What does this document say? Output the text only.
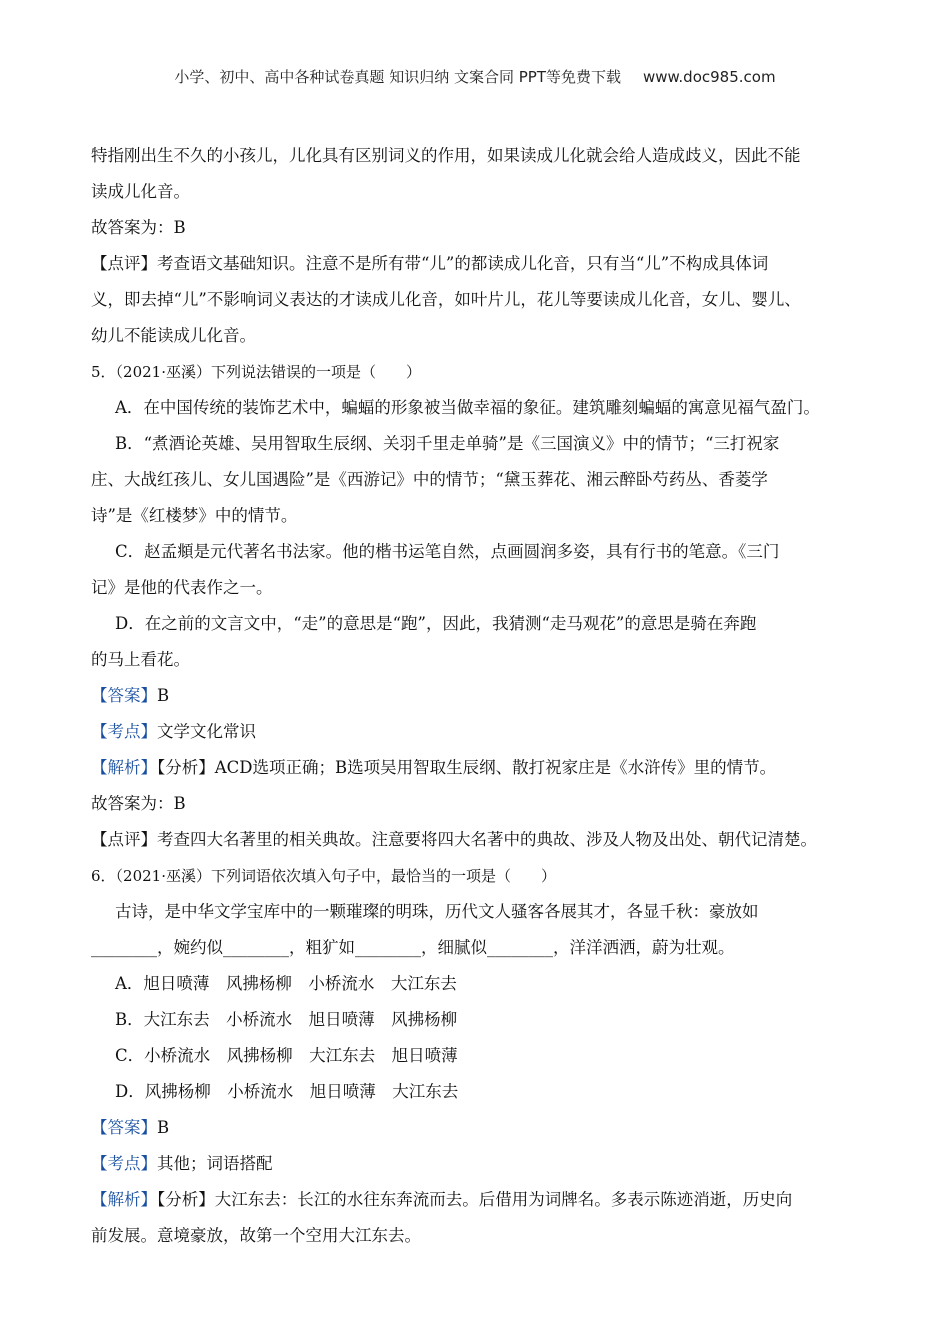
小学、初中、高中各种试卷真题 知识归纳 文案合同 PPT等免费下载 www.doc985.com
特指刚出生不久的小孩儿，儿化具有区别词义的作用，如果读成儿化就会给人造成歧义，因此不能
读成儿化音。
故答案为：B
【点评】考查语文基础知识。注意不是所有带“儿”的都读成儿化音，只有当“儿”不构成具体词
义，即去掉“儿”不影响词义表达的才读成儿化音，如叶片儿，花儿等要读成儿化音，女儿、婴儿、
幼儿不能读成儿化音。
5．（2021·巫溪）下列说法错误的一项是（　　）
A．在中国传统的装饰艺术中，蝙蝠的形象被当做幸福的象征。建筑雕刻蝙蝠的寓意见福气盈门。
B．“煮酒论英雄、吴用智取生辰纲、关羽千里走单骑”是《三国演义》中的情节；“三打祝家
庄、大战红孩儿、女儿国遇险”是《西游记》中的情节；“黛玉葬花、湘云醉卧芍药丛、香菱学
诗”是《红楼梦》中的情节。
C．赵孟頫是元代著名书法家。他的楷书运笔自然，点画圆润多姿，具有行书的笔意。《三门
记》是他的代表作之一。
D．在之前的文言文中，“走”的意思是“跑”，因此，我猜测“走马观花”的意思是骑在奔跑
的马上看花。
【答案】B
【考点】文学文化常识
【解析】【分析】ACD选项正确；B选项吴用智取生辰纲、散打祝家庄是《水浒传》里的情节。
故答案为：B
【点评】考查四大名著里的相关典故。注意要将四大名著中的典故、涉及人物及出处、朝代记清楚。
6．（2021·巫溪）下列词语依次填入句子中，最恰当的一项是（　　）
古诗，是中华文学宝库中的一颗璀璨的明珠，历代文人骚客各展其才，各显千秋：豪放如
________，婉约似________，粗犷如________，细腻似________，洋洋洒洒，蔚为壮观。
A．旭日喷薄　风拂杨柳　小桥流水　大江东去
B．大江东去　小桥流水　旭日喷薄　风拂杨柳
C．小桥流水　风拂杨柳　大江东去　旭日喷薄
D．风拂杨柳　小桥流水　旭日喷薄　大江东去
【答案】B
【考点】其他；词语搭配
【解析】【分析】大江东去：长江的水往东奔流而去。后借用为词牌名。多表示陈迹消逝，历史向
前发展。意境豪放，故第一个空用大江东去。
